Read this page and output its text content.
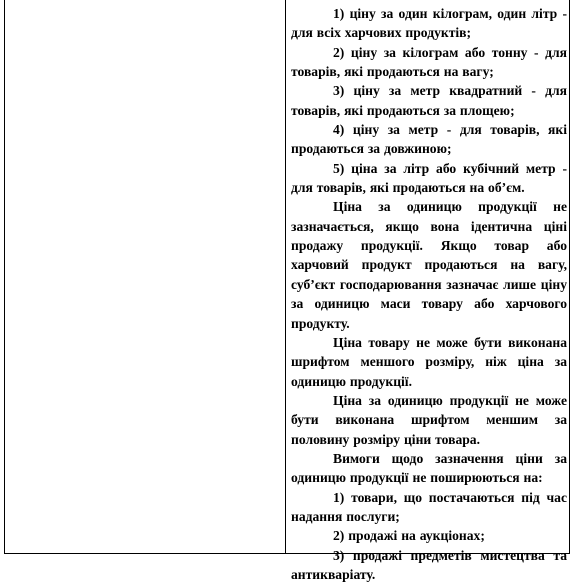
1) ціну за один кілограм, один літр - для всіх харчових продуктів;

2) ціну за кілограм або тонну - для товарів, які продаються на вагу;

3) ціну за метр квадратний - для товарів, які продаються за площею;

4) ціну за метр - для товарів, які продаються за довжиною;

5) ціна за літр або кубічний метр - для товарів, які продаються на об’єм.

Ціна за одиницю продукції не зазначається, якщо вона ідентична ціні продажу продукції. Якщо товар або харчовий продукт продаються на вагу, суб’єкт господарювання зазначає лише ціну за одиницю маси товару або харчового продукту.

Ціна товару не може бути виконана шрифтом меншого розміру, ніж ціна за одиницю продукції.

Ціна за одиницю продукції не може бути виконана шрифтом меншим за половину розміру ціни товара.

Вимоги щодо зазначення ціни за одиницю продукції не поширюються на:

1) товари, що постачаються під час надання послуги;

2) продажі на аукціонах;

3) продажі предметів мистецтва та антикваріату.
